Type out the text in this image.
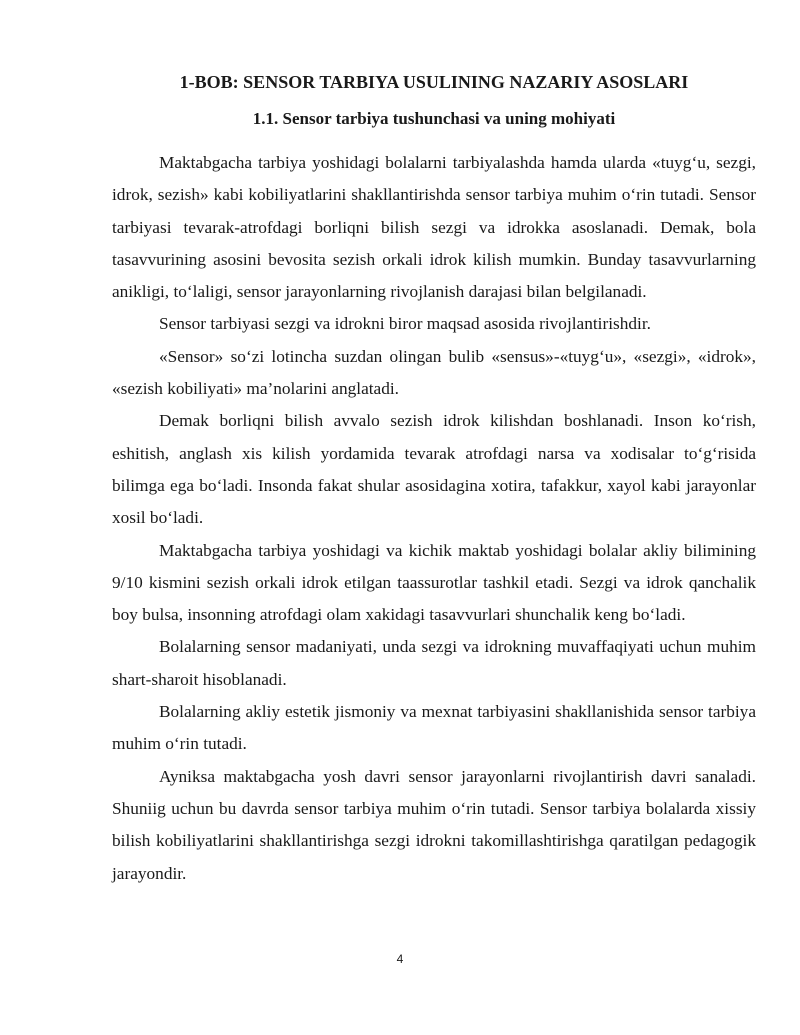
1-BOB: SENSOR TARBIYA USULINING NAZARIY ASOSLARI
1.1. Sensor tarbiya tushunchasi va uning mohiyati

Maktabgacha tarbiya yoshidagi bolalarni tarbiyalashda hamda ularda «tuyg‘u, sezgi, idrok, sezish» kabi kobiliyatlarini shakllantirishda sensor tarbiya muhim o‘rin tutadi. Sensor tarbiyasi tevarak-atrofdagi borliqni bilish sezgi va idrokka asoslanadi. Demak, bola tasavvurining asosini bevosita sezish orkali idrok kilish mumkin. Bunday tasavvurlarning anikligi, to‘laligi, sensor jarayonlarning rivojlanish darajasi bilan belgilanadi.

Sensor tarbiyasi sezgi va idrokni biror maqsad asosida rivojlantirishdir.

«Sensor» so‘zi lotincha suzdan olingan bulib «sensus»-«tuyg‘u», «sezgi», «idrok», «sezish kobiliyati» ma’nolarini anglatadi.

Demak borliqni bilish avvalo sezish idrok kilishdan boshlanadi. Inson ko‘rish, eshitish, anglash xis kilish yordamida tevarak atrofdagi narsa va xodisalar to‘g‘risida bilimga ega bo‘ladi. Insonda fakat shular asosidagina xotira, tafakkur, xayol kabi jarayonlar xosil bo‘ladi.

Maktabgacha tarbiya yoshidagi va kichik maktab yoshidagi bolalar akliy bilimining 9/10 kismini sezish orkali idrok etilgan taassurotlar tashkil etadi. Sezgi va idrok qanchalik boy bulsa, insonning atrofdagi olam xakidagi tasavvurlari shunchalik keng bo‘ladi.

Bolalarning sensor madaniyati, unda sezgi va idrokning muvaffaqiyati uchun muhim shart-sharoit hisoblanadi.

Bolalarning akliy estetik jismoniy va mexnat tarbiyasini shakllanishida sensor tarbiya muhim o‘rin tutadi.

Ayniksa maktabgacha yosh davri sensor jarayonlarni rivojlantirish davri sanaladi. Shuniig uchun bu davrda sensor tarbiya muhim o‘rin tutadi. Sensor tarbiya bolalarda xissiy bilish kobiliyatlarini shakllantirishga sezgi idrokni takomillashtirishga qaratilgan pedagogik jarayondir.

4
